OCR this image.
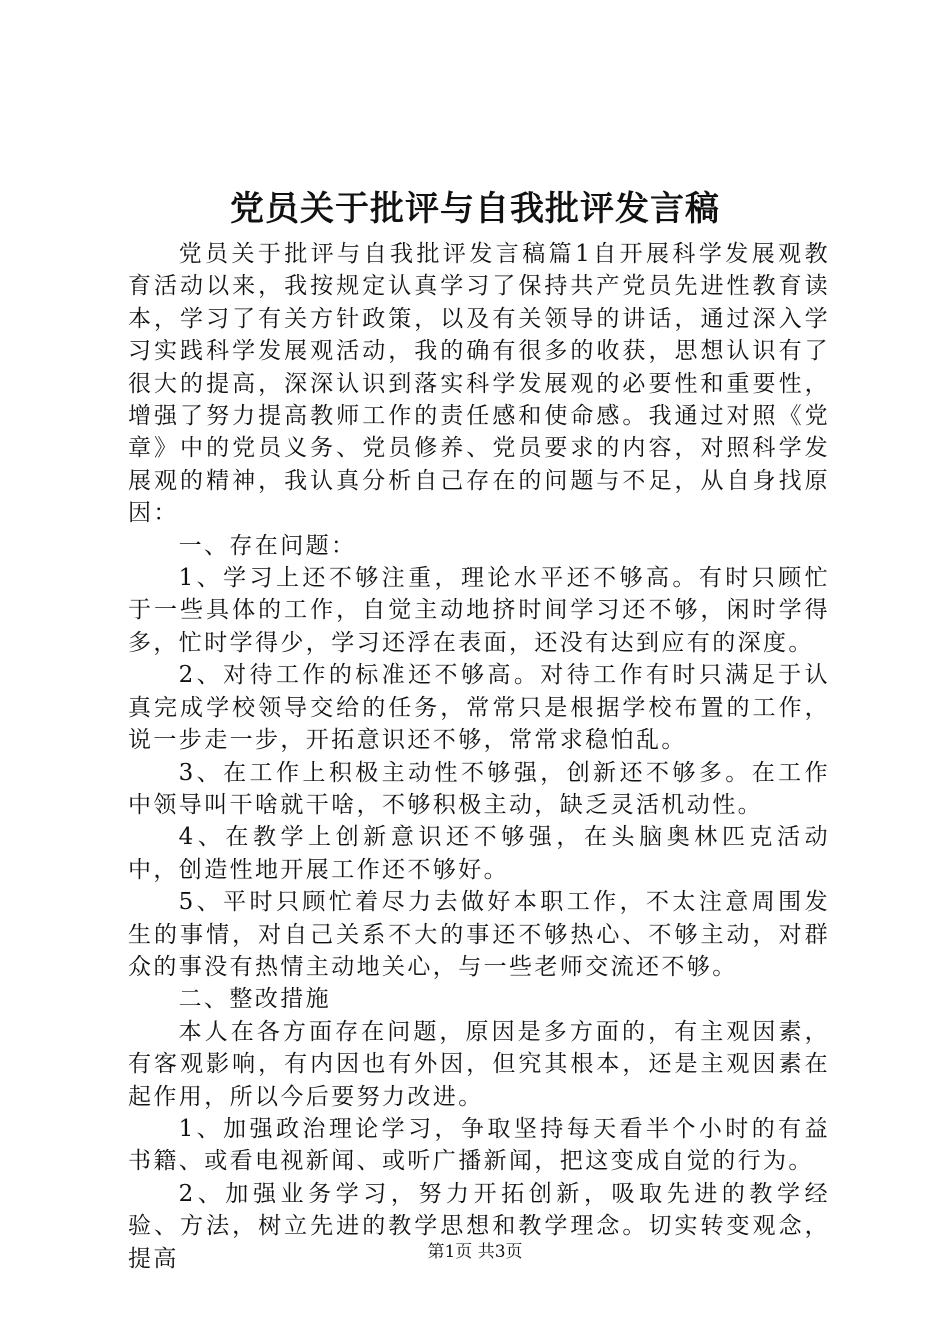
党员关于批评与自我批评发言稿

党员关于批评与自我批评发言稿篇1自开展科学发展观教育活动以来，我按规定认真学习了保持共产党员先进性教育读本，学习了有关方针政策，以及有关领导的讲话，通过深入学习实践科学发展观活动，我的确有很多的收获，思想认识有了很大的提高，深深认识到落实科学发展观的必要性和重要性，增强了努力提高教师工作的责任感和使命感。我通过对照《党章》中的党员义务、党员修养、党员要求的内容，对照科学发展观的精神，我认真分析自己存在的问题与不足，从自身找原因：

一、存在问题：

1、学习上还不够注重，理论水平还不够高。有时只顾忙于一些具体的工作，自觉主动地挤时间学习还不够，闲时学得多，忙时学得少，学习还浮在表面，还没有达到应有的深度。

2、对待工作的标准还不够高。对待工作有时只满足于认真完成学校领导交给的任务，常常只是根据学校布置的工作，说一步走一步，开拓意识还不够，常常求稳怕乱。

3、在工作上积极主动性不够强，创新还不够多。在工作中领导叫干啥就干啥，不够积极主动，缺乏灵活机动性。

4、在教学上创新意识还不够强，在头脑奥林匹克活动中，创造性地开展工作还不够好。

5、平时只顾忙着尽力去做好本职工作，不太注意周围发生的事情，对自己关系不大的事还不够热心、不够主动，对群众的事没有热情主动地关心，与一些老师交流还不够。

二、整改措施

本人在各方面存在问题，原因是多方面的，有主观因素，有客观影响，有内因也有外因，但究其根本，还是主观因素在起作用，所以今后要努力改进。

1、加强政治理论学习，争取坚持每天看半个小时的有益书籍、或看电视新闻、或听广播新闻，把这变成自觉的行为。

2、加强业务学习，努力开拓创新，吸取先进的教学经验、方法，树立先进的教学思想和教学理念。切实转变观念，提高	第1页 共3页
